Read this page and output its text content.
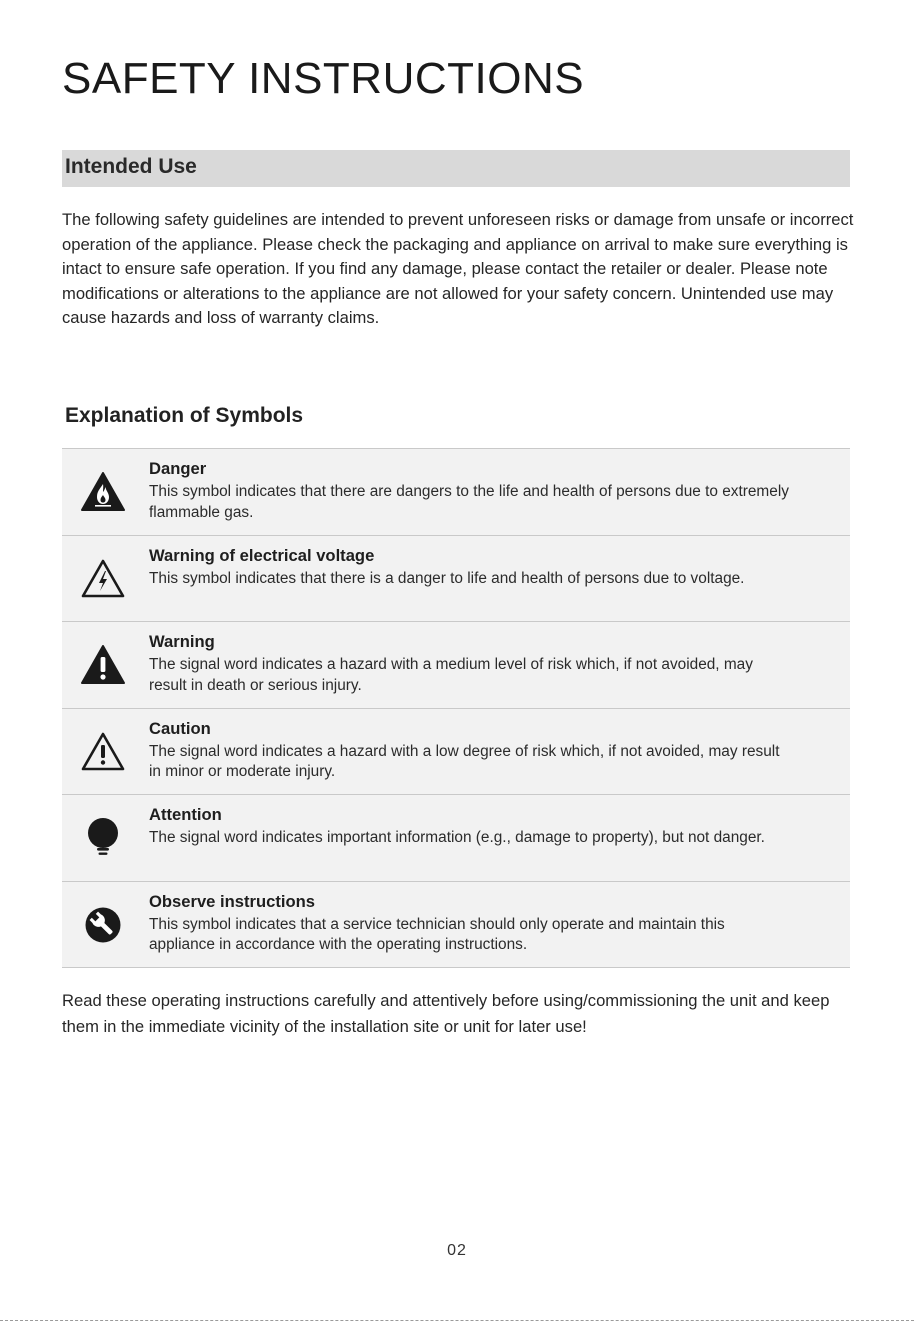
SAFETY INSTRUCTIONS
Intended Use

The following safety guidelines are intended to prevent unforeseen risks or damage from unsafe or incorrect operation of the appliance. Please check the packaging and appliance on arrival to make sure everything is intact to ensure safe operation. If you find any damage, please contact the retailer or dealer. Please note modifications or alterations to the appliance are not allowed for your safety concern. Unintended use may cause hazards and loss of warranty claims.

Explanation of Symbols
Danger
This symbol indicates that there are dangers to the life and health of persons due to extremely flammable gas.
Warning of electrical voltage
This symbol indicates that there is a danger to life and health of persons due to voltage.
Warning
The signal word indicates a hazard with a medium level of risk which, if not avoided, may result in death or serious injury.
Caution
The signal word indicates a hazard with a low degree of risk which, if not avoided, may result in minor or moderate injury.
Attention
The signal word indicates important information (e.g., damage to property), but not danger.
Observe instructions
This symbol indicates that a service technician should only operate and maintain this appliance in accordance with the operating instructions.

Read these operating instructions carefully and attentively before using/commissioning the unit and keep them in the immediate vicinity of the installation site or unit for later use!

02
